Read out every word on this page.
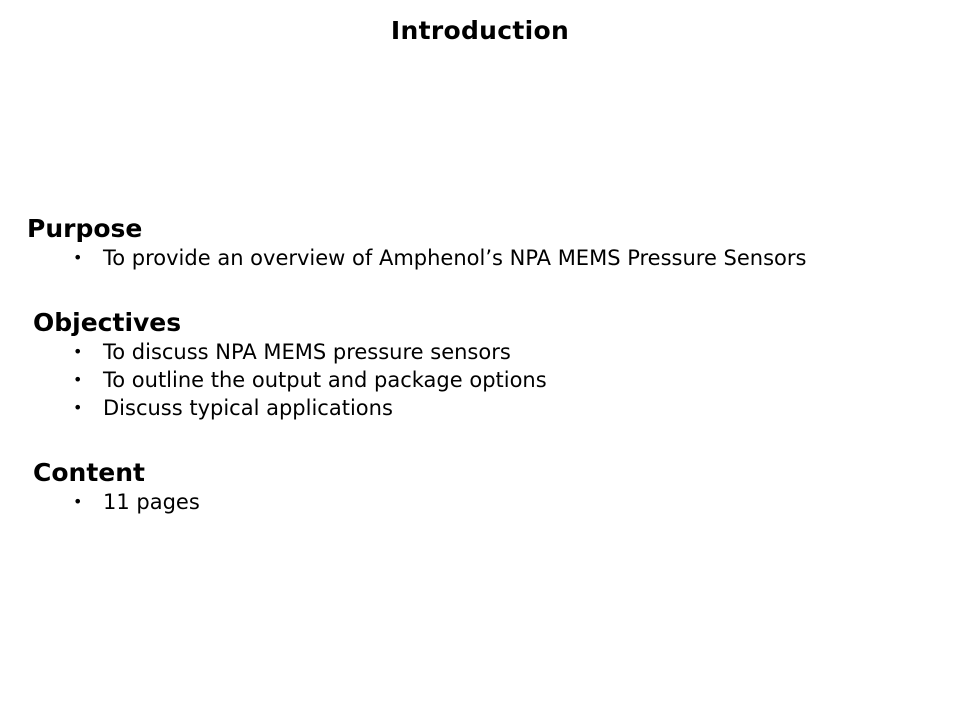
Introduction
Purpose
• To provide an overview of Amphenol’s NPA MEMS Pressure Sensors
Objectives
• To discuss NPA MEMS pressure sensors
• To outline the output and package options
• Discuss typical applications
Content
• 11 pages
